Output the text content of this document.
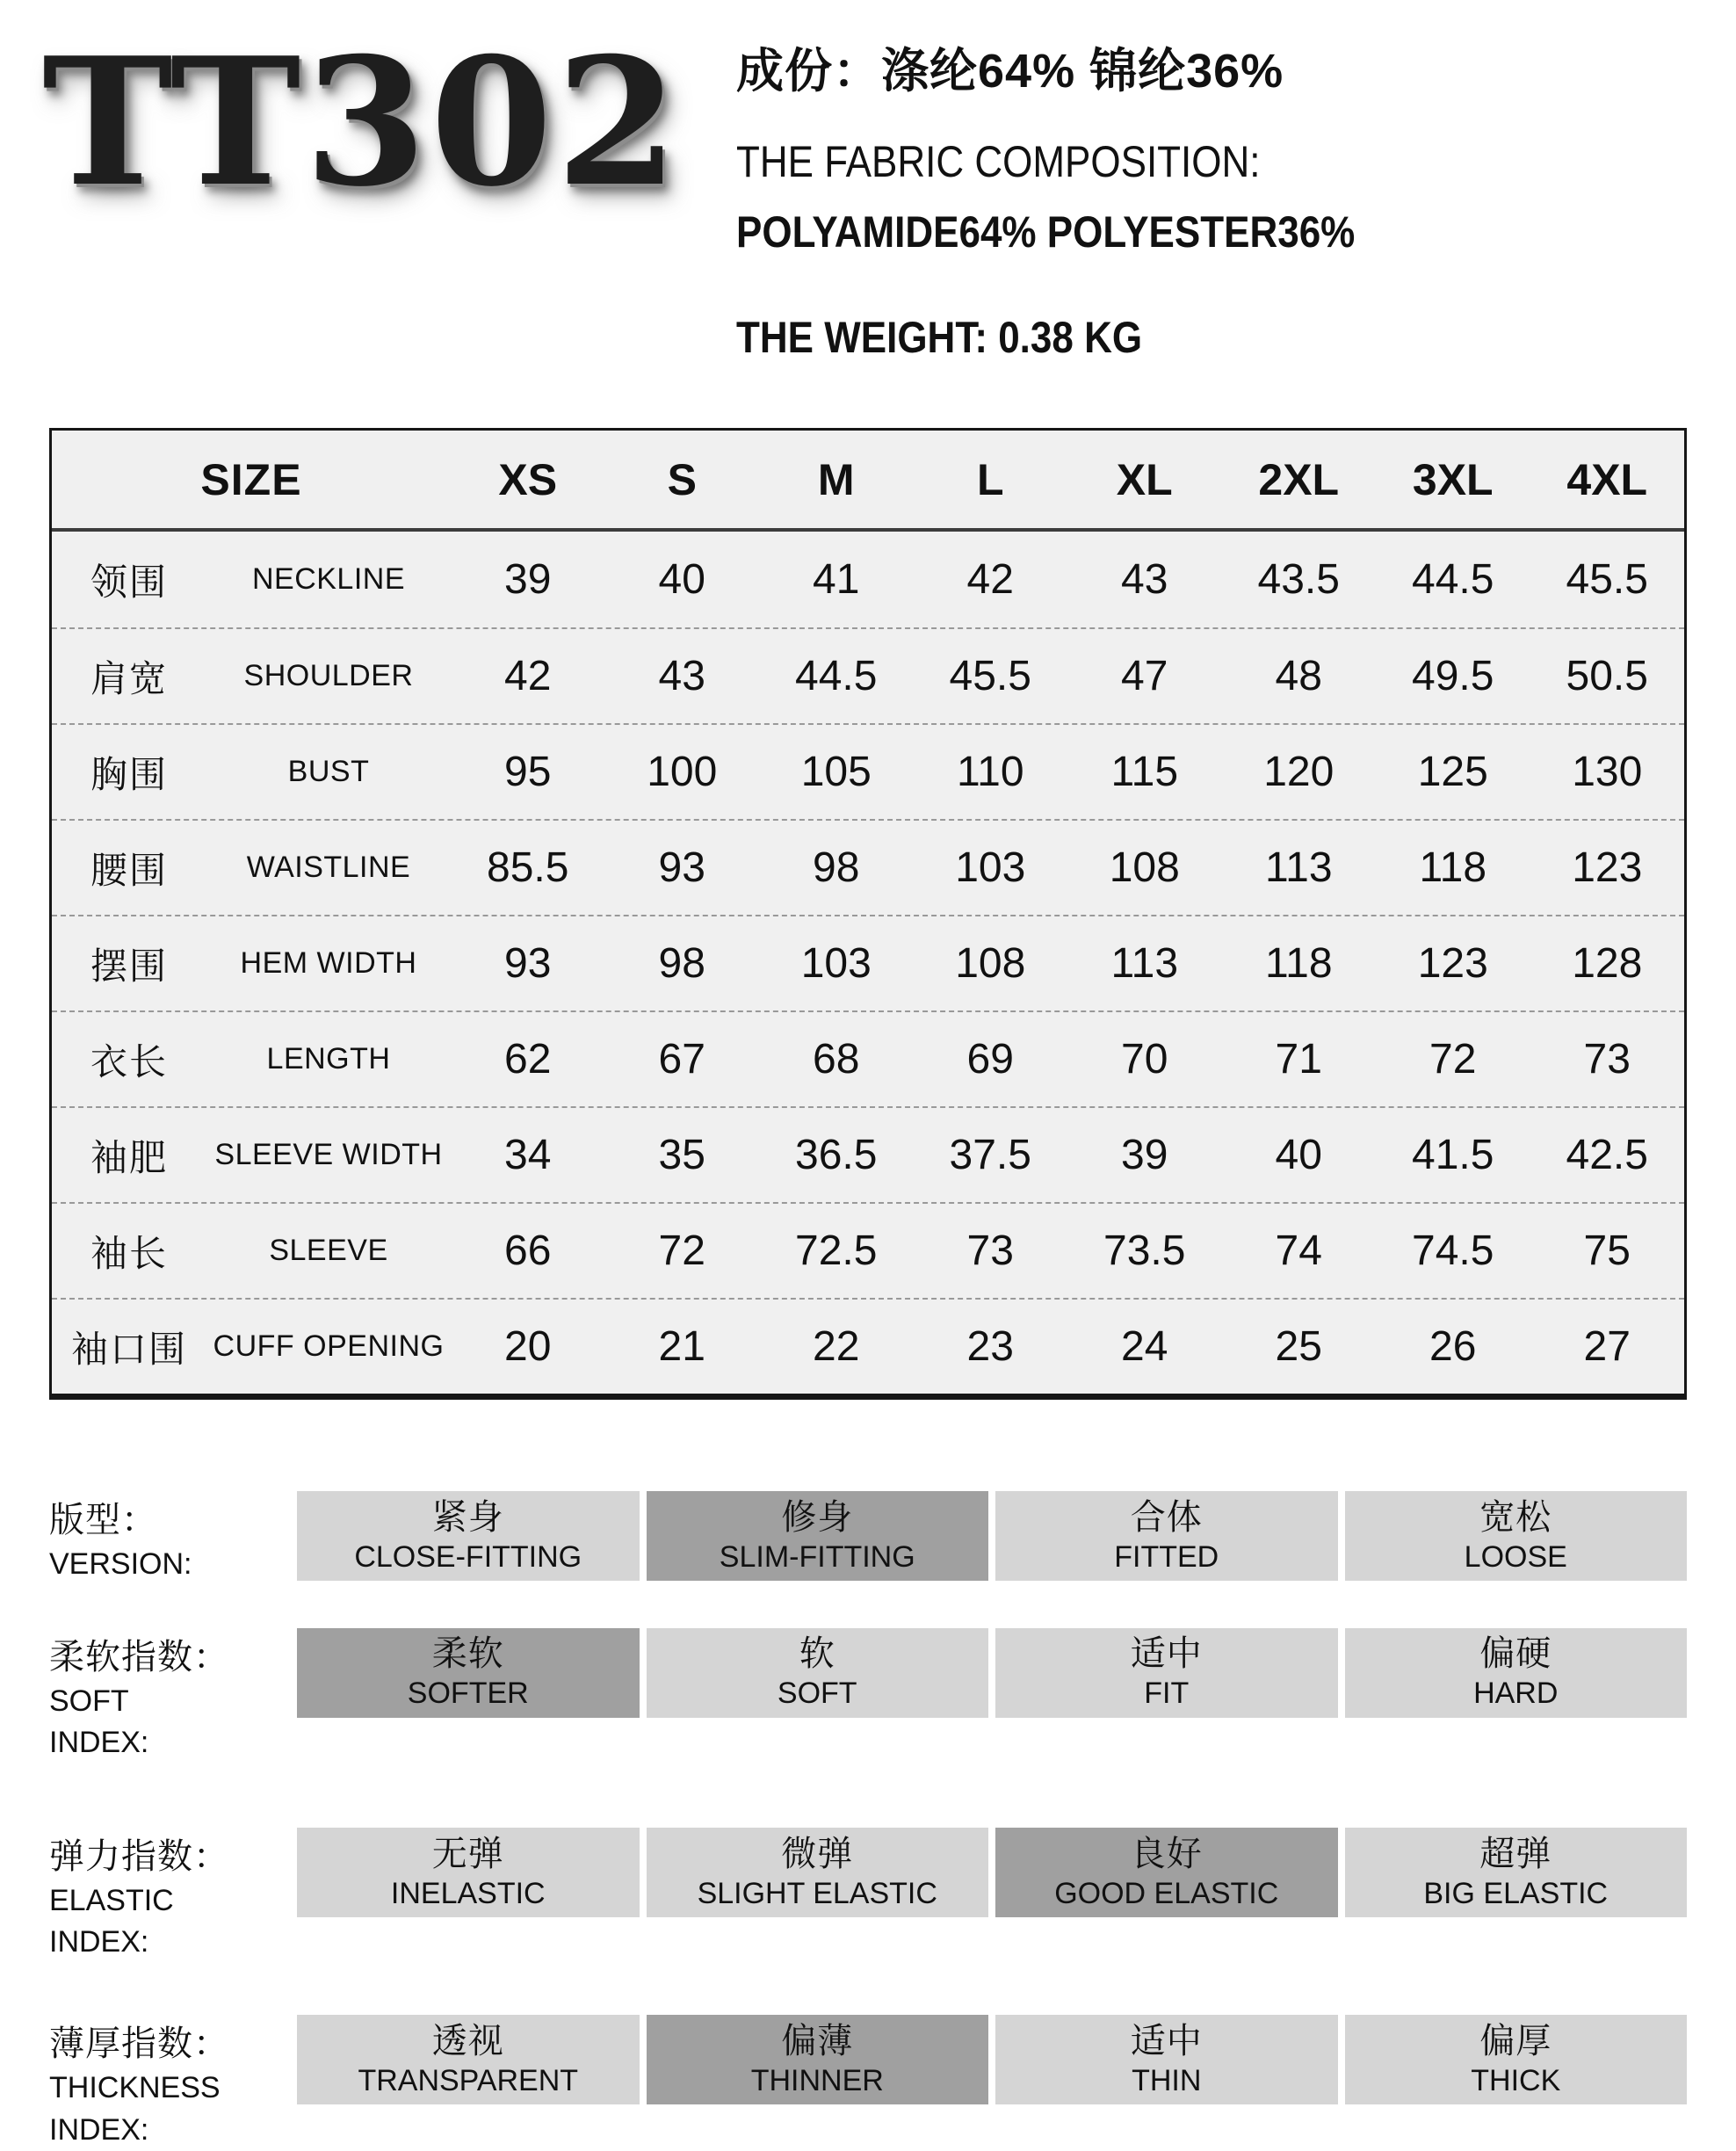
TT302 成份：涤纶64% 锦纶36%
THE FABRIC COMPOSITION:
POLYAMIDE64% POLYESTER36%
THE WEIGHT: 0.38 KG
SIZE	XS	S	M	L	XL	2XL	3XL	4XL
领围	NECKLINE	39	40	41	42	43	43.5	44.5	45.5
肩宽	SHOULDER	42	43	44.5	45.5	47	48	49.5	50.5
胸围	BUST	95	100	105	110	115	120	125	130
腰围	WAISTLINE	85.5	93	98	103	108	113	118	123
摆围	HEM WIDTH	93	98	103	108	113	118	123	128
衣长	LENGTH	62	67	68	69	70	71	72	73
袖肥	SLEEVE WIDTH	34	35	36.5	37.5	39	40	41.5	42.5
袖长	SLEEVE	66	72	72.5	73	73.5	74	74.5	75
袖口围 CUFF OPENING	20	21	22	23	24	25	26	27
版型：
VERSION:
紧身
CLOSE-FITTING
修身
SLIM-FITTING
合体
FITTED
宽松
LOOSE
柔软指数：
SOFT INDEX:
柔软
SOFTER
软
SOFT
适中
FIT
偏硬
HARD
弹力指数：
ELASTIC INDEX:
无弹
INELASTIC
微弹
SLIGHT ELASTIC
良好
GOOD ELASTIC
超弹
BIG ELASTIC
薄厚指数：
THICKNESS INDEX:
透视
TRANSPARENT
偏薄
THINNER
适中
THIN
偏厚
THICK
